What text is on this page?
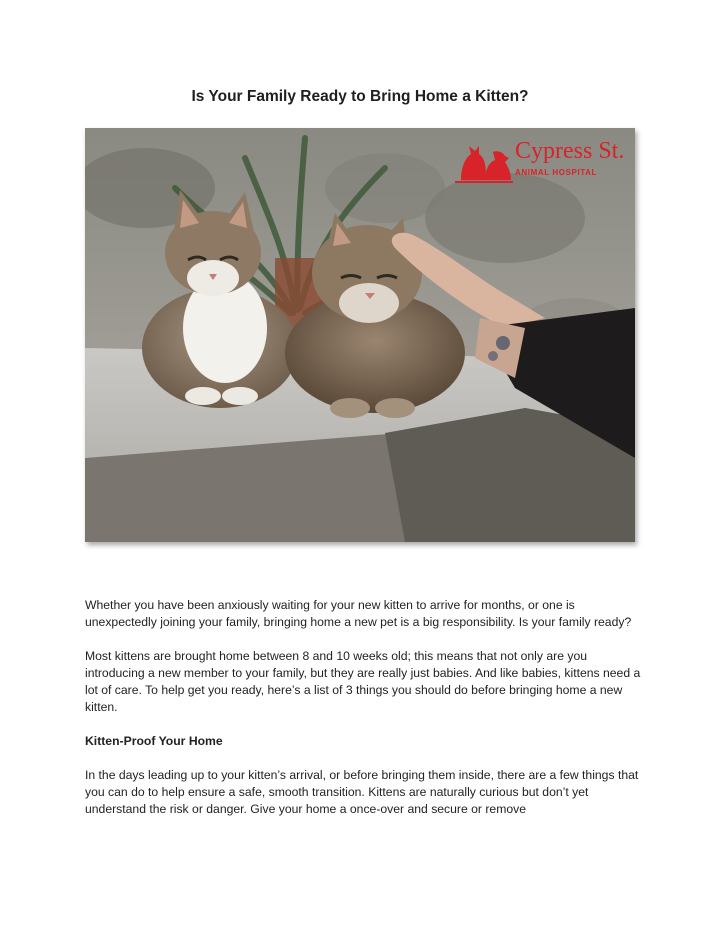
Is Your Family Ready to Bring Home a Kitten?
Cypress St.
ANIMAL HOSPITAL

Whether you have been anxiously waiting for your new kitten to arrive for months, or one is unexpectedly joining your family, bringing home a new pet is a big responsibility. Is your family ready?

Most kittens are brought home between 8 and 10 weeks old; this means that not only are you introducing a new member to your family, but they are really just babies. And like babies, kittens need a lot of care. To help get you ready, here’s a list of 3 things you should do before bringing home a new kitten.

Kitten-Proof Your Home

In the days leading up to your kitten’s arrival, or before bringing them inside, there are a few things that you can do to help ensure a safe, smooth transition. Kittens are naturally curious but don’t yet understand the risk or danger. Give your home a once-over and secure or remove
